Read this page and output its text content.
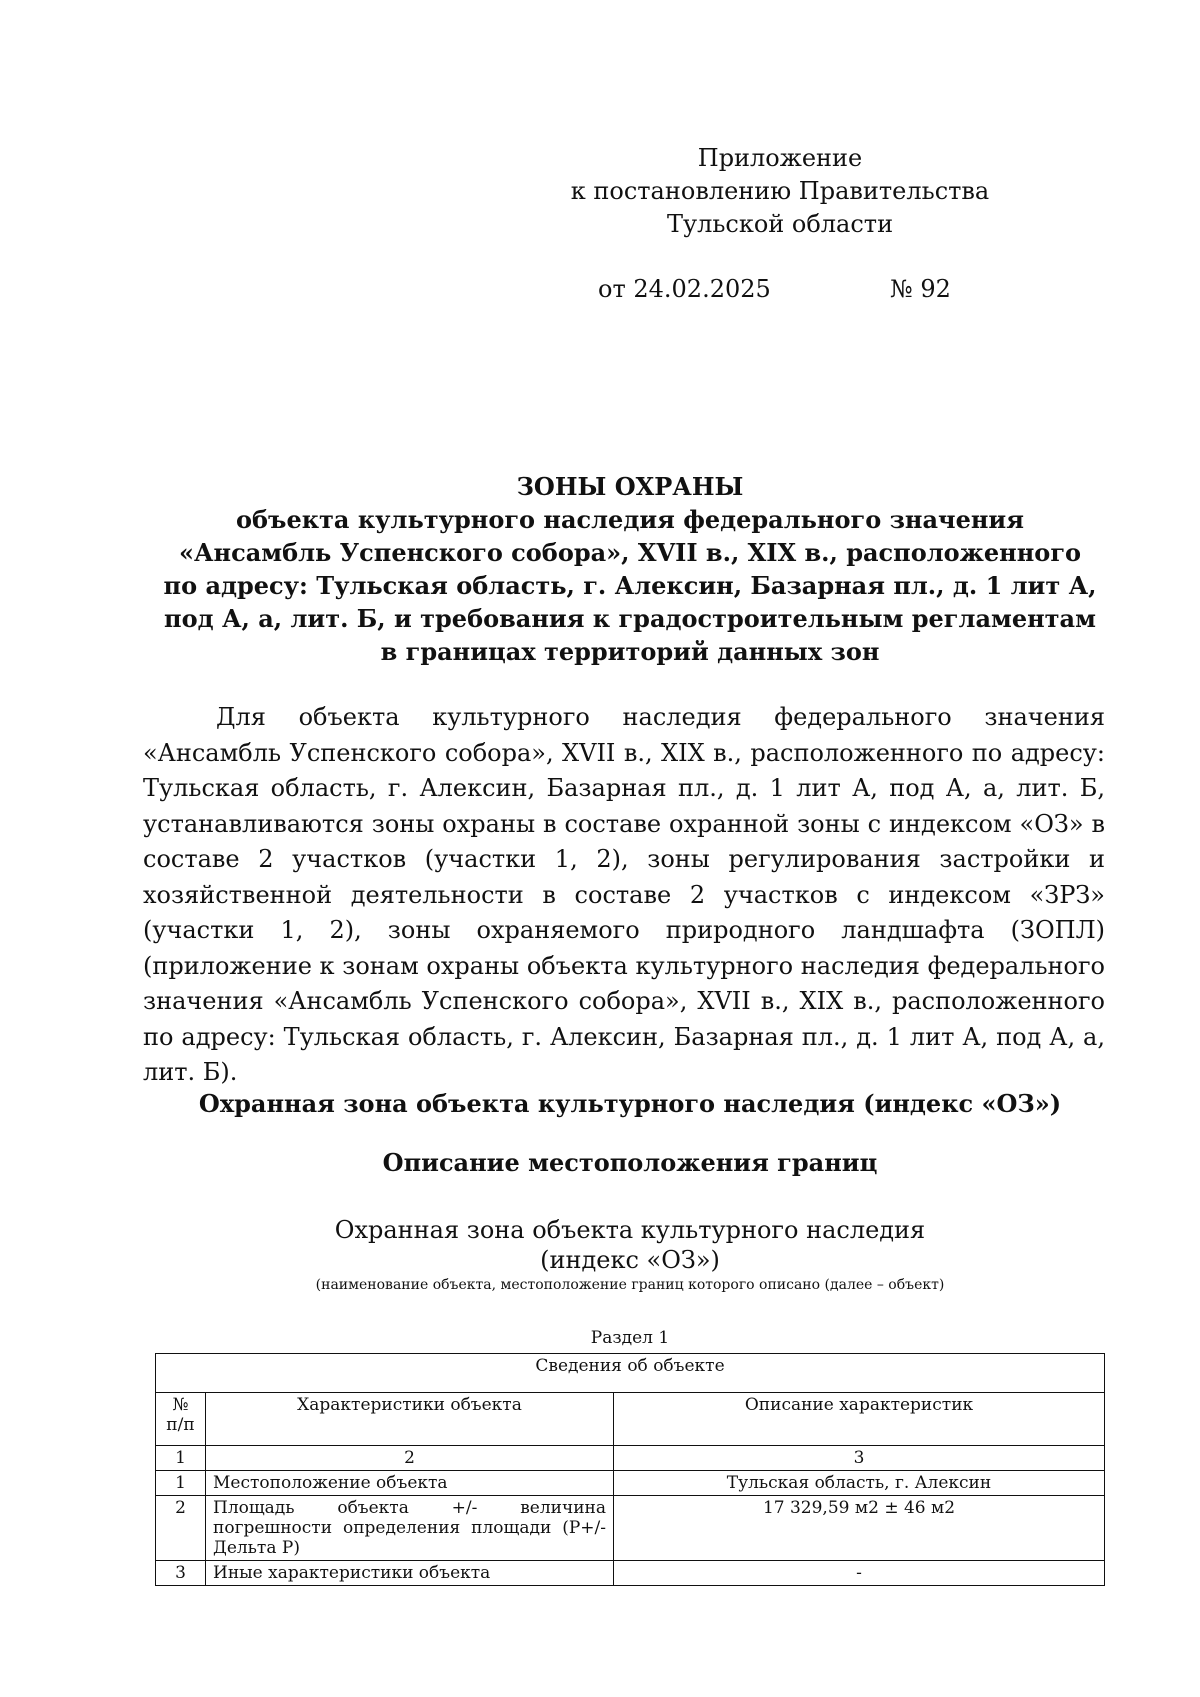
Приложение
к постановлению Правительства
Тульской области
от 24.02.2025	№ 92
ЗОНЫ ОХРАНЫ
объекта культурного наследия федерального значения
«Ансамбль Успенского собора», XVII в., XIX в., расположенного
по адресу: Тульская область, г. Алексин, Базарная пл., д. 1 лит А,
под А, а, лит. Б, и требования к градостроительным регламентам
в границах территорий данных зон

Для объекта культурного наследия федерального значения «Ансамбль Успенского собора», XVII в., XIX в., расположенного по адресу: Тульская область, г. Алексин, Базарная пл., д. 1 лит А, под А, а, лит. Б, устанавливаются зоны охраны в составе охранной зоны с индексом «ОЗ» в составе 2 участков (участки 1, 2), зоны регулирования застройки и хозяйственной деятельности в составе 2 участков с индексом «ЗРЗ» (участки 1, 2), зоны охраняемого природного ландшафта (ЗОПЛ) (приложение к зонам охраны объекта культурного наследия федерального значения «Ансамбль Успенского собора», XVII в., XIX в., расположенного по адресу: Тульская область, г. Алексин, Базарная пл., д. 1 лит А, под А, а, лит. Б).

Охранная зона объекта культурного наследия (индекс «ОЗ»)
Описание местоположения границ
Охранная зона объекта культурного наследия
(индекс «ОЗ»)
(наименование объекта, местоположение границ которого описано (далее – объект)
Раздел 1
Сведения об объекте		
№ п/п	Характеристики объекта	Описание характеристик
1	2	3
1	Местоположение объекта	Тульская область, г. Алексин
2	Площадь объекта +/- величина погрешности определения площади (Р+/- Дельта Р)	17 329,59 м2 ± 46 м2
3	Иные характеристики объекта	-
